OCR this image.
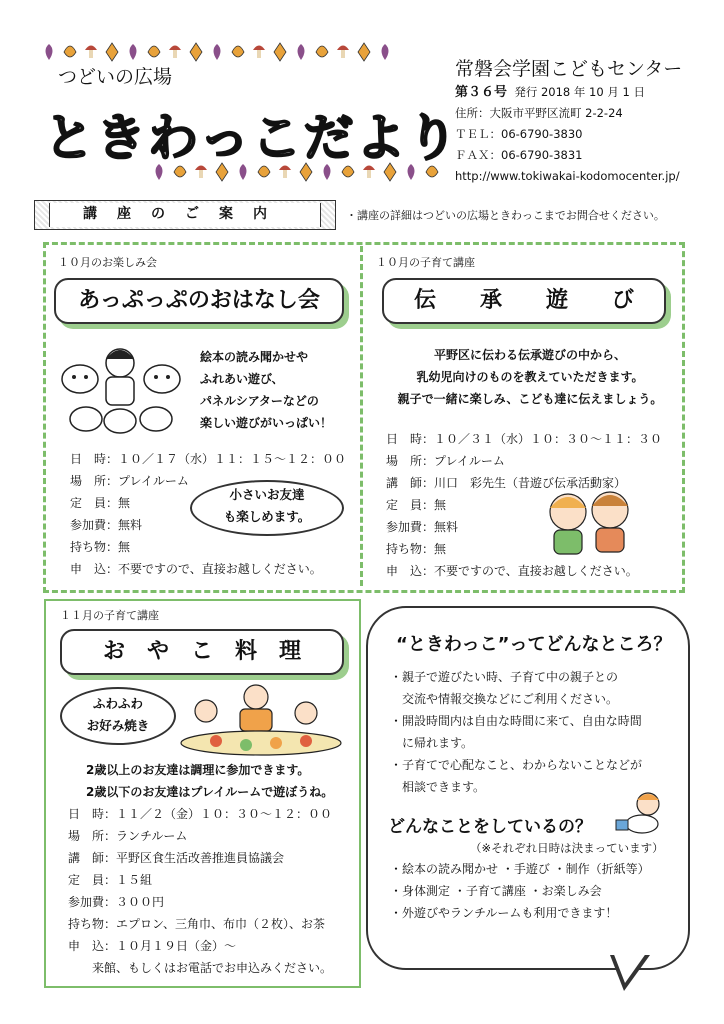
つどいの広場
ときわっこだより
常磐会学園こどもセンター
第３６号 発行 2018 年 10 月 1 日
住所：大阪市平野区流町 2-2-24
ＴＥＬ：06-6790-3830
ＦＡＸ：06-6790-3831
http://www.tokiwakai-kodomocenter.jp/
講座のご案内	・講座の詳細はつどいの広場ときわっこまでお問合せください。
１０月のお楽しみ会
あっぷっぷのおはなし会
絵本の読み聞かせや
ふれあい遊び、
パネルシアターなどの
楽しい遊びがいっぱい！
日　時：１０／１７（水）１１：１５～１２：００
場　所：プレイルーム
定　員：無
参加費：無料
持ち物：無
申　込：不要ですので、直接お越しください。
小さいお友達
も楽しめます。
１０月の子育て講座
伝　　承　　遊　　び
平野区に伝わる伝承遊びの中から、
乳幼児向けのものを教えていただきます。
親子で一緒に楽しみ、こども達に伝えましょう。
日　時：１０／３１（水）１０：３０～１１：３０
場　所：プレイルーム
講　師：川口　彩先生（昔遊び伝承活動家）
定　員：無
参加費：無料
持ち物：無
申　込：不要ですので、直接お越しください。
１１月の子育て講座
お　や　こ　料　理
ふわふわ
お好み焼き
2歳以上のお友達は調理に参加できます。
2歳以下のお友達はプレイルームで遊ぼうね。
日　時：１１／２（金）１０：３０～１２：００
場　所：ランチルーム
講　師：平野区食生活改善推進員協議会
定　員：１５組
参加費：３００円
持ち物：エプロン、三角巾、布巾（２枚）、お茶
申　込：１０月１９日（金）～
　　来館、もしくはお電話でお申込みください。
“ときわっこ”ってどんなところ？
・親子で遊びたい時、子育て中の親子との
　交流や情報交換などにご利用ください。
・開設時間内は自由な時間に来て、自由な時間
　に帰れます。
・子育てで心配なこと、わからないことなどが
　相談できます。
どんなことをしているの？
（※それぞれ日時は決まっています）
・絵本の読み聞かせ ・手遊び ・制作（折紙等）
・身体測定 ・子育て講座 ・お楽しみ会
・外遊びやランチルームも利用できます！
